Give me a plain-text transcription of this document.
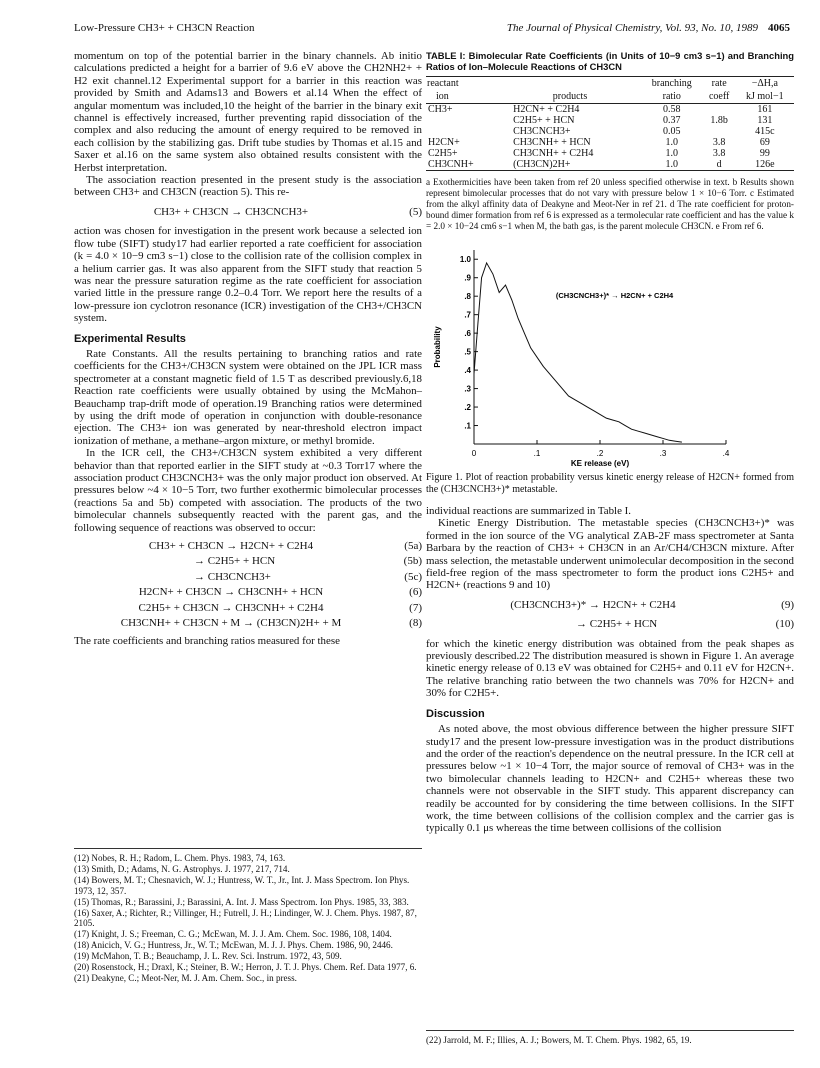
Low-Pressure CH3+ + CH3CN Reaction	The Journal of Physical Chemistry, Vol. 93, No. 10, 1989 4065

momentum on top of the potential barrier in the binary channels. Ab initio calculations predicted a height for a barrier of 9.6 eV above the CH2NH2+ + H2 exit channel.12 Experimental support for a barrier in this reaction was provided by Smith and Adams13 and Bowers et al.14 When the effect of angular momentum was included,10 the height of the barrier in the binary exit channel is effectively increased, further preventing rapid dissociation of the complex and also reducing the amount of energy required to be removed in each collision by the stabilizing gas. Drift tube studies by Thomas et al.15 and Saxer et al.16 on the same system also obtained results consistent with the Herbst interpretation.

The association reaction presented in the present study is the association between CH3+ and CH3CN (reaction 5). This re-

CH3+ + CH3CN → CH3CNCH3+	(5)

action was chosen for investigation in the present work because a selected ion flow tube (SIFT) study17 had earlier reported a rate coefficient for association (k = 4.0 × 10−9 cm3 s−1) close to the collision rate of the collision complex in a helium carrier gas. It was also apparent from the SIFT study that reaction 5 was near the pressure saturation regime as the rate coefficient for association varied little in the pressure range 0.2–0.4 Torr. We report here the results of a low-pressure ion cyclotron resonance (ICR) investigation of the CH3+/CH3CN system.

Experimental Results

Rate Constants. All the results pertaining to branching ratios and rate coefficients for the CH3+/CH3CN system were obtained on the JPL ICR mass spectrometer at a constant magnetic field of 1.5 T as described previously.6,18 Reaction rate coefficients were usually obtained by using the McMahon–Beauchamp trap-drift mode of operation.19 Branching ratios were determined by using the drift mode of operation in conjunction with double-resonance ejection. The CH3+ ion was generated by near-threshold electron impact ionization of methane, a methane–argon mixture, or methyl bromide.

In the ICR cell, the CH3+/CH3CN system exhibited a very different behavior than that reported earlier in the SIFT study at ~0.3 Torr17 where the association product CH3CNCH3+ was the only major product ion observed. At pressures below ~4 × 10−5 Torr, two further exothermic bimolecular processes (reactions 5a and 5b) competed with association. The products of the two bimolecular channels subsequently reacted with the parent gas, and the following sequence of reactions was observed to occur:

CH3+ + CH3CN → H2CN+ + C2H4	(5a)
→ C2H5+ + HCN	(5b)
→ CH3CNCH3+	(5c)
H2CN+ + CH3CN → CH3CNH+ + HCN	(6)
C2H5+ + CH3CN → CH3CNH+ + C2H4	(7)
CH3CNH+ + CH3CN + M → (CH3CN)2H+ + M	(8)

The rate coefficients and branching ratios measured for these

(12) Nobes, R. H.; Radom, L. Chem. Phys. 1983, 74, 163.
(13) Smith, D.; Adams, N. G. Astrophys. J. 1977, 217, 714.
(14) Bowers, M. T.; Chesnavich, W. J.; Huntress, W. T., Jr., Int. J. Mass Spectrom. Ion Phys. 1973, 12, 357.
(15) Thomas, R.; Barassini, J.; Barassini, A. Int. J. Mass Spectrom. Ion Phys. 1985, 33, 383.
(16) Saxer, A.; Richter, R.; Villinger, H.; Futrell, J. H.; Lindinger, W. J. Chem. Phys. 1987, 87, 2105.
(17) Knight, J. S.; Freeman, C. G.; McEwan, M. J. J. Am. Chem. Soc. 1986, 108, 1404.
(18) Anicich, V. G.; Huntress, Jr., W. T.; McEwan, M. J. J. Phys. Chem. 1986, 90, 2446.
(19) McMahon, T. B.; Beauchamp, J. L. Rev. Sci. Instrum. 1972, 43, 509.
(20) Rosenstock, H.; Draxl, K.; Steiner, B. W.; Herron, J. T. J. Phys. Chem. Ref. Data 1977, 6.
(21) Deakyne, C.; Meot-Ner, M. J. Am. Chem. Soc., in press.
TABLE I: Bimolecular Rate Coefficients (in Units of 10−9 cm3 s−1) and Branching Ratios of Ion–Molecule Reactions of CH3CN
reactant		branching	rate	−ΔH,a
ion	products	ratio	coeff	kJ mol−1
CH3+	H2CN+ + C2H4	0.58		161
	C2H5+ + HCN	0.37	1.8b	131
	CH3CNCH3+	0.05		415c
H2CN+	CH3CNH+ + HCN	1.0	3.8	69
C2H5+	CH3CNH+ + C2H4	1.0	3.8	99
CH3CNH+	(CH3CN)2H+	1.0	d	126e
a Exothermicities have been taken from ref 20 unless specified otherwise in text. b Results shown represent bimolecular processes that do not vary with pressure below 1 × 10−6 Torr. c Estimated from the alkyl affinity data of Deakyne and Meot-Ner in ref 21. d The rate coefficient for proton-bound dimer formation from ref 6 is expressed as a termolecular rate coefficient and has the value k = 2.0 × 10−24 cm6 s−1 when M, the bath gas, is the parent molecule CH3CN. e From ref 6.
0	.1	.2	.3	.4
.1
.2
.3
.4
.5
.6
.7
.8
.9
1.0
KE release (eV)
Probability
(CH3CNCH3+)* → H2CN+ + C2H4
Figure 1. Plot of reaction probability versus kinetic energy release of H2CN+ formed from the (CH3CNCH3+)* metastable.

individual reactions are summarized in Table I.

Kinetic Energy Distribution. The metastable species (CH3CNCH3+)* was formed in the ion source of the VG analytical ZAB-2F mass spectrometer at Santa Barbara by the reaction of CH3+ + CH3CN in an Ar/CH4/CH3CN mixture. After mass selection, the metastable underwent unimolecular decomposition in the second field-free region of the mass spectrometer to form the product ions C2H5+ and H2CN+ (reactions 9 and 10)

(CH3CNCH3+)* → H2CN+ + C2H4	(9)
→ C2H5+ + HCN	(10)

for which the kinetic energy distribution was obtained from the peak shapes as previously described.22 The distribution measured is shown in Figure 1. An average kinetic energy release of 0.13 eV was obtained for C2H5+ and 0.11 eV for H2CN+. The relative branching ratio between the two channels was 70% for H2CN+ and 30% for C2H5+.

Discussion

As noted above, the most obvious difference between the higher pressure SIFT study17 and the present low-pressure investigation was in the product distributions and the order of the reaction's dependence on the neutral pressure. In the ICR cell at pressures below ~1 × 10−4 Torr, the major source of removal of CH3+ was in the two bimolecular channels leading to H2CN+ and C2H5+ whereas these two channels were not observable in the SIFT study. This apparent discrepancy can readily be accounted for by considering the time between collisions. In the SIFT work, the time between collisions of the collision complex and the carrier gas is typically 0.1 μs whereas the time between collisions of the collision

(22) Jarrold, M. F.; Illies, A. J.; Bowers, M. T. Chem. Phys. 1982, 65, 19.
